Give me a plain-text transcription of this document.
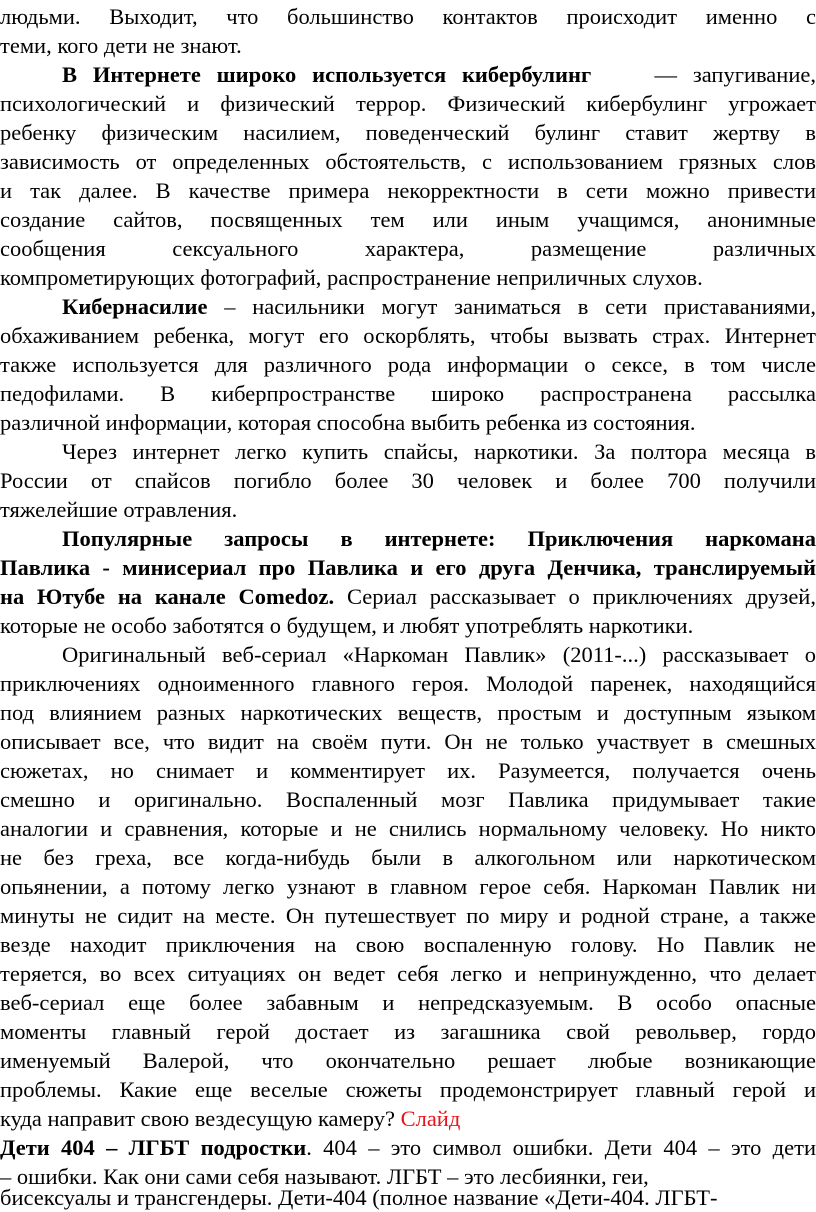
людьми. Выходит, что большинство контактов происходит именно с
теми, кого дети не знают.
В Интернете широко используется кибербулинг	— запугивание,
психологический и физический террор. Физический кибербулинг угрожает
ребенку физическим насилием, поведенческий булинг ставит жертву в
зависимость от определенных обстоятельств, с использованием грязных слов
и так далее. В качестве примера некорректности в сети можно привести
создание сайтов, посвященных тем или иным учащимся, анонимные
сообщения сексуального характера, размещение различных
компрометирующих фотографий, распространение неприличных слухов.
Кибернасилие – насильники могут заниматься в сети приставаниями,
обхаживанием ребенка, могут его оскорблять, чтобы вызвать страх. Интернет
также используется для различного рода информации о сексе, в том числе
педофилами. В киберпространстве широко распространена рассылка
различной информации, которая способна выбить ребенка из состояния.
Через интернет легко купить спайсы, наркотики. За полтора месяца в
России от спайсов погибло более 30 человек и более 700 получили
тяжелейшие отравления.
Популярные запросы в интернете: Приключения наркомана
Павлика - минисериал про Павлика и его друга Денчика, транслируемый
на Ютубе на канале Comedoz. Сериал рассказывает о приключениях друзей,
которые не особо заботятся о будущем, и любят употреблять наркотики.
Оригинальный веб-сериал «Наркоман Павлик» (2011-...) рассказывает о
приключениях одноименного главного героя. Молодой паренек, находящийся
под влиянием разных наркотических веществ, простым и доступным языком
описывает все, что видит на своём пути. Он не только участвует в смешных
сюжетах, но снимает и комментирует их. Разумеется, получается очень
смешно и оригинально. Воспаленный мозг Павлика придумывает такие
аналогии и сравнения, которые и не снились нормальному человеку. Но никто
не без греха, все когда-нибудь были в алкогольном или наркотическом
опьянении, а потому легко узнают в главном герое себя. Наркоман Павлик ни
минуты не сидит на месте. Он путешествует по миру и родной стране, а также
везде находит приключения на свою воспаленную голову. Но Павлик не
теряется, во всех ситуациях он ведет себя легко и непринужденно, что делает
веб-сериал еще более забавным и непредсказуемым. В особо опасные
моменты главный герой достает из загашника свой револьвер, гордо
именуемый Валерой, что окончательно решает любые возникающие
проблемы. Какие еще веселые сюжеты продемонстрирует главный герой и
куда направит свою вездесущую камеру? Слайд
Дети 404 – ЛГБТ подростки. 404 – это символ ошибки. Дети 404 – это дети
– ошибки. Как они сами себя называют. ЛГБТ – это лесбиянки, геи,
бисексуалы и трансгендеры. Дети-404 (полное название «Дети-404. ЛГБТ-
